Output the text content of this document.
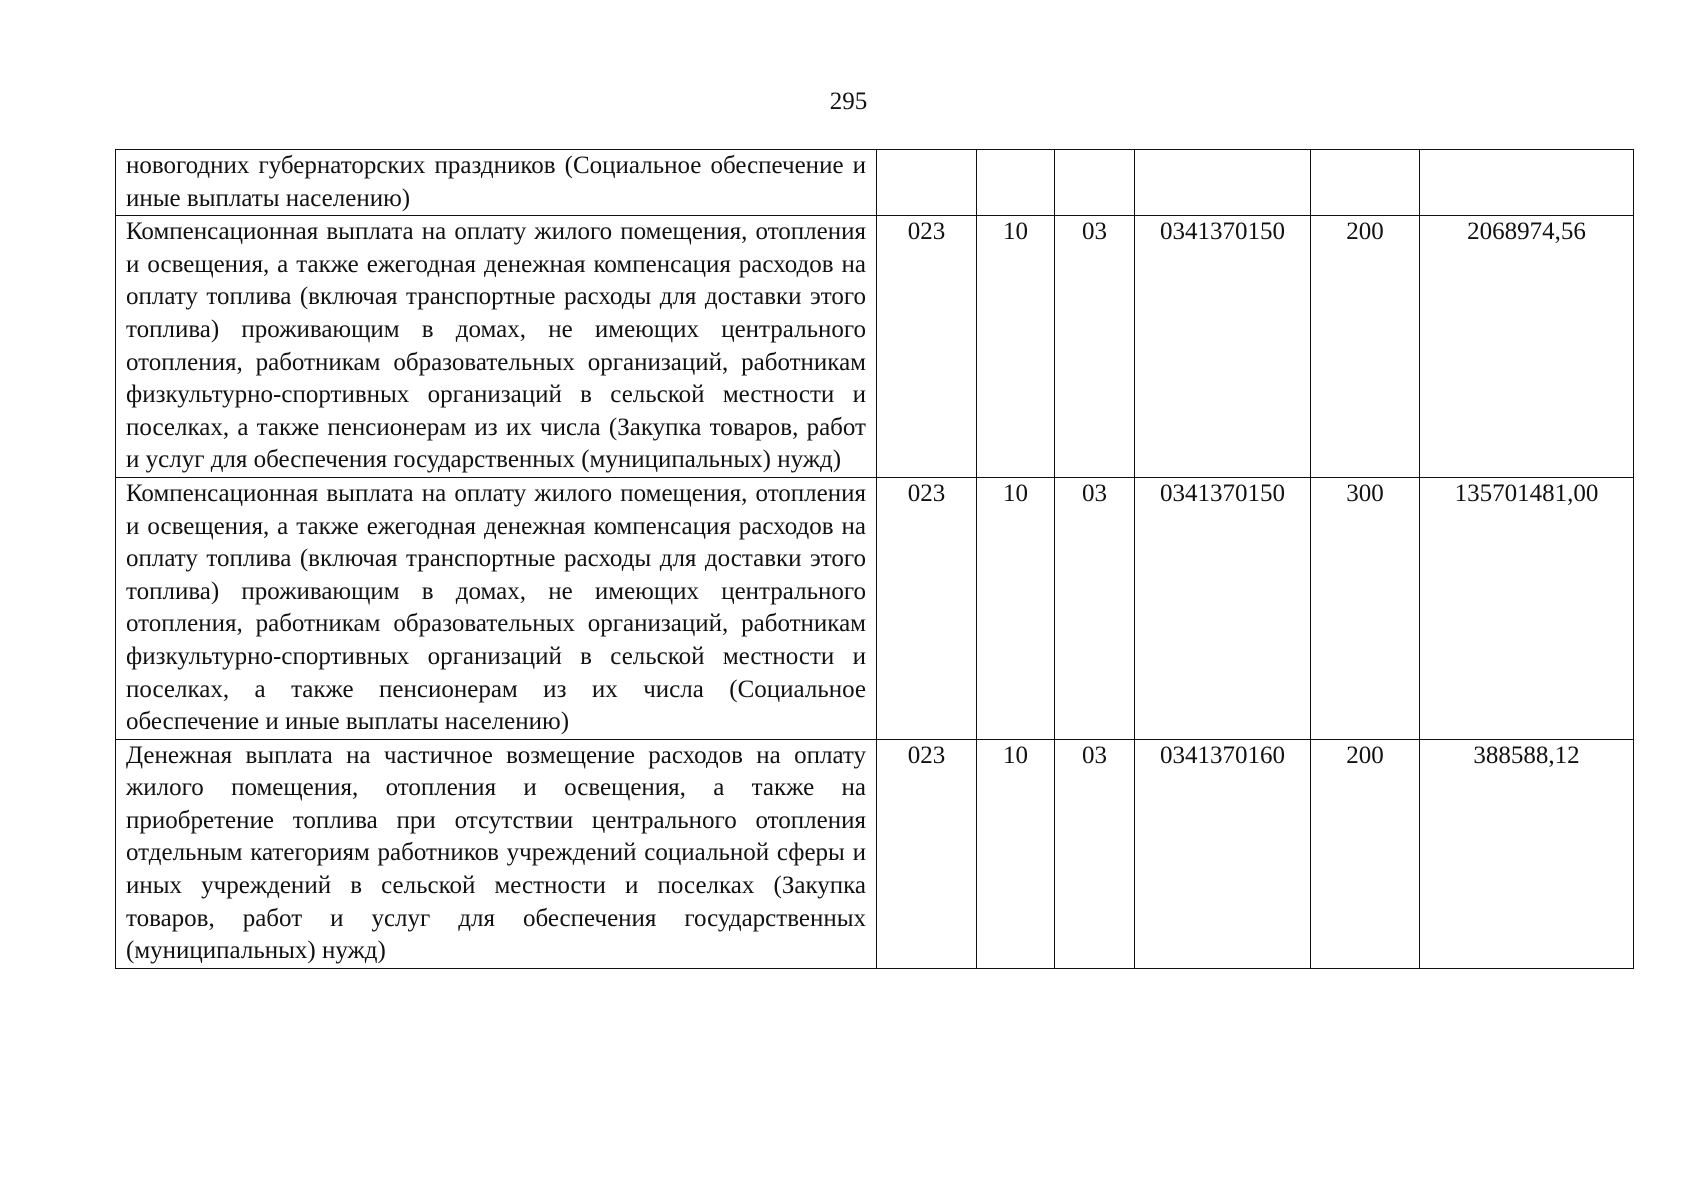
295
новогодних губернаторских праздников (Социальное обеспечение и иные выплаты населению)						
Компенсационная выплата на оплату жилого помещения, отопления и освещения, а также ежегодная денежная компенсация расходов на оплату топлива (включая транспортные расходы для доставки этого топлива) проживающим в домах, не имеющих центрального отопления, работникам образовательных организаций, работникам физкультурно-спортивных организаций в сельской местности и поселках, а также пенсионерам из их числа (Закупка товаров, работ и услуг для обеспечения государственных (муниципальных) нужд)	023	10	03	0341370150	200	2068974,56
Компенсационная выплата на оплату жилого помещения, отопления и освещения, а также ежегодная денежная компенсация расходов на оплату топлива (включая транспортные расходы для доставки этого топлива) проживающим в домах, не имеющих центрального отопления, работникам образовательных организаций, работникам физкультурно-спортивных организаций в сельской местности и поселках, а также пенсионерам из их числа (Социальное обеспечение и иные выплаты населению)	023	10	03	0341370150	300	135701481,00
Денежная выплата на частичное возмещение расходов на оплату жилого помещения, отопления и освещения, а также на приобретение топлива при отсутствии центрального отопления отдельным категориям работников учреждений социальной сферы и иных учреждений в сельской местности и поселках (Закупка товаров, работ и услуг для обеспечения государственных (муниципальных) нужд)	023	10	03	0341370160	200	388588,12
